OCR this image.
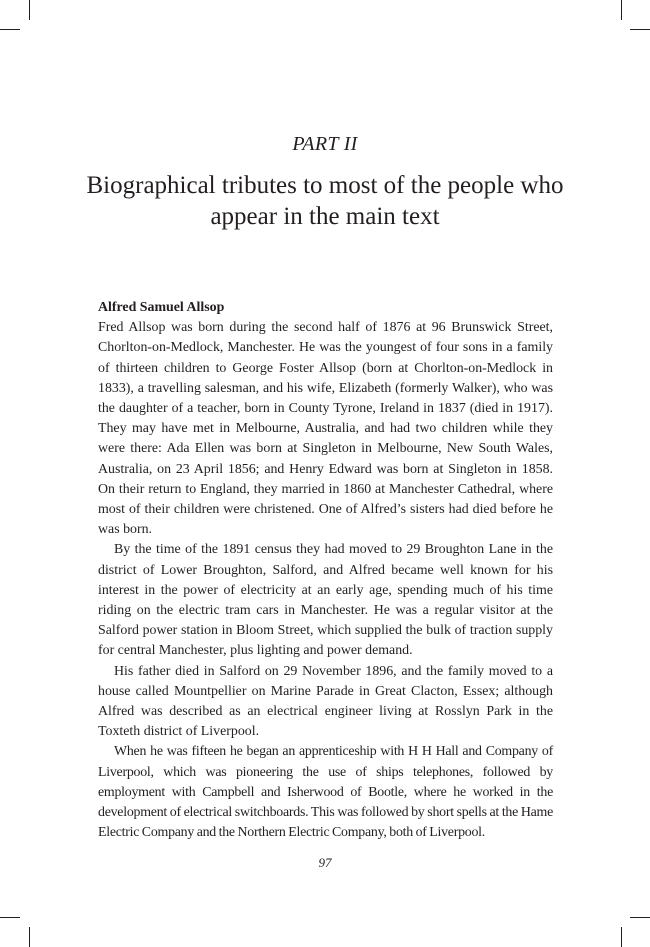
PART II
Biographical tributes to most of the people who appear in the main text

Alfred Samuel Allsop

Fred Allsop was born during the second half of 1876 at 96 Brunswick Street, Chorlton-on-Medlock, Manchester. He was the youngest of four sons in a family of thirteen children to George Foster Allsop (born at Chorlton-on-Medlock in 1833), a travelling salesman, and his wife, Elizabeth (formerly Walker), who was the daughter of a teacher, born in County Tyrone, Ireland in 1837 (died in 1917). They may have met in Melbourne, Australia, and had two children while they were there: Ada Ellen was born at Singleton in Melbourne, New South Wales, Australia, on 23 April 1856; and Henry Edward was born at Singleton in 1858. On their return to England, they married in 1860 at Manchester Cathedral, where most of their children were christened. One of Alfred’s sisters had died before he was born.

By the time of the 1891 census they had moved to 29 Broughton Lane in the district of Lower Broughton, Salford, and Alfred became well known for his interest in the power of electricity at an early age, spending much of his time riding on the electric tram cars in Manchester. He was a regular visitor at the Salford power station in Bloom Street, which supplied the bulk of traction supply for central Manchester, plus lighting and power demand.

His father died in Salford on 29 November 1896, and the family moved to a house called Mountpellier on Marine Parade in Great Clacton, Essex; although Alfred was described as an electrical engineer living at Rosslyn Park in the Toxteth district of Liverpool.

When he was fifteen he began an apprenticeship with H H Hall and Company of Liverpool, which was pioneering the use of ships telephones, followed by employment with Campbell and Isherwood of Bootle, where he worked in the development of electrical switchboards. This was followed by short spells at the Hame Electric Company and the Northern Electric Company, both of Liverpool.

97
